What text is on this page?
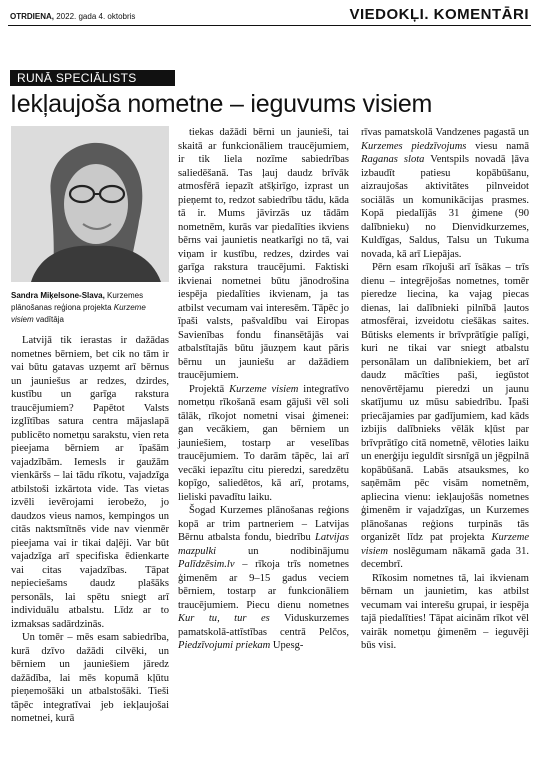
OTRDIENA, 2022. gada 4. oktobris	VIEDOKĻI. KOMENTĀRI
RUNĀ SPECIĀLISTS
Iekļaujoša nometne – ieguvums visiem
Sandra Miķelsone-Slava, Kurzemes plānošanas reģiona projekta Kurzeme visiem vadītāja

Latvijā tik ierastas ir dažādas nometnes bērniem, bet cik no tām ir vai būtu gatavas uzņemt arī bērnus un jauniešus ar redzes, dzirdes, kustību un garīga rakstura traucējumiem? Papētot Valsts izglītības satura centra mājaslapā publicēto nometņu sarakstu, vien reta pieejama bērniem ar īpašām vajadzībām. Iemesls ir gaužām vienkāršs – lai tādu rīkotu, vajadzīga atbilstoši izkārtota vide. Tas vietas izvēli ievērojami ierobežo, jo daudzos vieus namos, kempingos un citās naktsmītnēs vide nav vienmēr pieejama vai ir tikai daļēji. Var būt vajadzīga arī specifiska ēdienkarte vai citas vajadzības. Tāpat nepieciešams daudz plašāks personāls, lai spētu sniegt arī individuālu atbalstu. Līdz ar to izmaksas sadārdzinās.

Un tomēr – mēs esam sabiedrība, kurā dzīvo dažādi cilvēki, un bērniem un jauniešiem jāredz dažādība, lai mēs kopumā kļūtu pieņemošāki un atbalstošāki. Tieši tāpēc integratīvai jeb iekļaujošai nometnei, kurā

tiekas dažādi bērni un jaunieši, tai skaitā ar funkcionāliem traucējumiem, ir tik liela nozīme sabiedrības saliedēšanā. Tas ļauj daudz brīvāk atmosfērā iepazīt atšķirīgo, izprast un pieņemt to, redzot sabiedrību tādu, kāda tā ir. Mums jāvirzās uz tādām nometnēm, kurās var piedalīties ikviens bērns vai jaunietis neatkarīgi no tā, vai viņam ir kustību, redzes, dzirdes vai garīga rakstura traucējumi. Faktiski ikvienai nometnei būtu jānodrošina iespēja piedalīties ikvienam, ja tas atbilst vecumam vai interesēm. Tāpēc jo īpaši valsts, pašvaldību vai Eiropas Savienības fondu finansētājās vai atbalstītajās būtu jāuzņem kaut pāris bērnu un jauniešu ar dažādiem traucējumiem.

Projektā Kurzeme visiem integratīvo nometņu rīkošanā esam gājuši vēl soli tālāk, rīkojot nometni visai ģimenei: gan vecākiem, gan bērniem un jauniešiem, tostarp ar veselības traucējumiem. To darām tāpēc, lai arī vecāki iepazītu citu pieredzi, saredzētu kopīgo, saliedētos, kā arī, protams, lieliski pavadītu laiku.

Šogad Kurzemes plānošanas reģions kopā ar trim partneriem – Latvijas Bērnu atbalsta fondu, biedrību Latvijas mazpulki un nodibinājumu Palīdzēsim.lv – rīkoja trīs nometnes ģimenēm ar 9–15 gadus veciem bērniem, tostarp ar funkcionāliem traucējumiem. Piecu dienu nometnes Kur tu, tur es Viduskurzemes pamatskolā-attīstības centrā Pelčos, Piedzīvojumi priekam Upesg-

rīvas pamatskolā Vandzenes pagastā un Kurzemes piedzīvojums viesu namā Raganas slota Ventspils novadā ļāva izbaudīt patiesu kopābūšanu, aizraujošas aktivitātes pilnveidot sociālās un komunikācijas prasmes. Kopā piedalījās 31 ģimene (90 dalībnieku) no Dienvidkurzemes, Kuldīgas, Saldus, Talsu un Tukuma novada, kā arī Liepājas.

Pērn esam rīkojuši arī īsākas – trīs dienu – integrējošas nometnes, tomēr pieredze liecina, ka vajag piecas dienas, lai dalībnieki pilnībā ļautos atmosfērai, izveidotu ciešākas saites. Būtisks elements ir brīvprātīgie palīgi, kuri ne tikai var sniegt atbalstu personālam un dalībniekiem, bet arī daudz mācīties paši, iegūstot nenovērtējamu pieredzi un jaunu skatījumu uz mūsu sabiedrību. Īpaši priecājamies par gadījumiem, kad kāds izbijis dalībnieks vēlāk kļūst par brīvprātīgo citā nometnē, vēloties laiku un enerģiju ieguldīt sirsnīgā un jēgpilnā kopābūšanā. Labās atsauksmes, ko saņēmām pēc visām nometnēm, apliecina vienu: iekļaujošās nometnes ģimenēm ir vajadzīgas, un Kurzemes plānošanas reģions turpinās tās organizēt līdz pat projekta Kurzeme visiem noslēgumam nākamā gada 31. decembrī.

Rīkosim nometnes tā, lai ikvienam bērnam un jaunietim, kas atbilst vecumam vai interešu grupai, ir iespēja tajā piedalīties! Tāpat aicinām rīkot vēl vairāk nometņu ģimenēm – ieguvēji būs visi.
